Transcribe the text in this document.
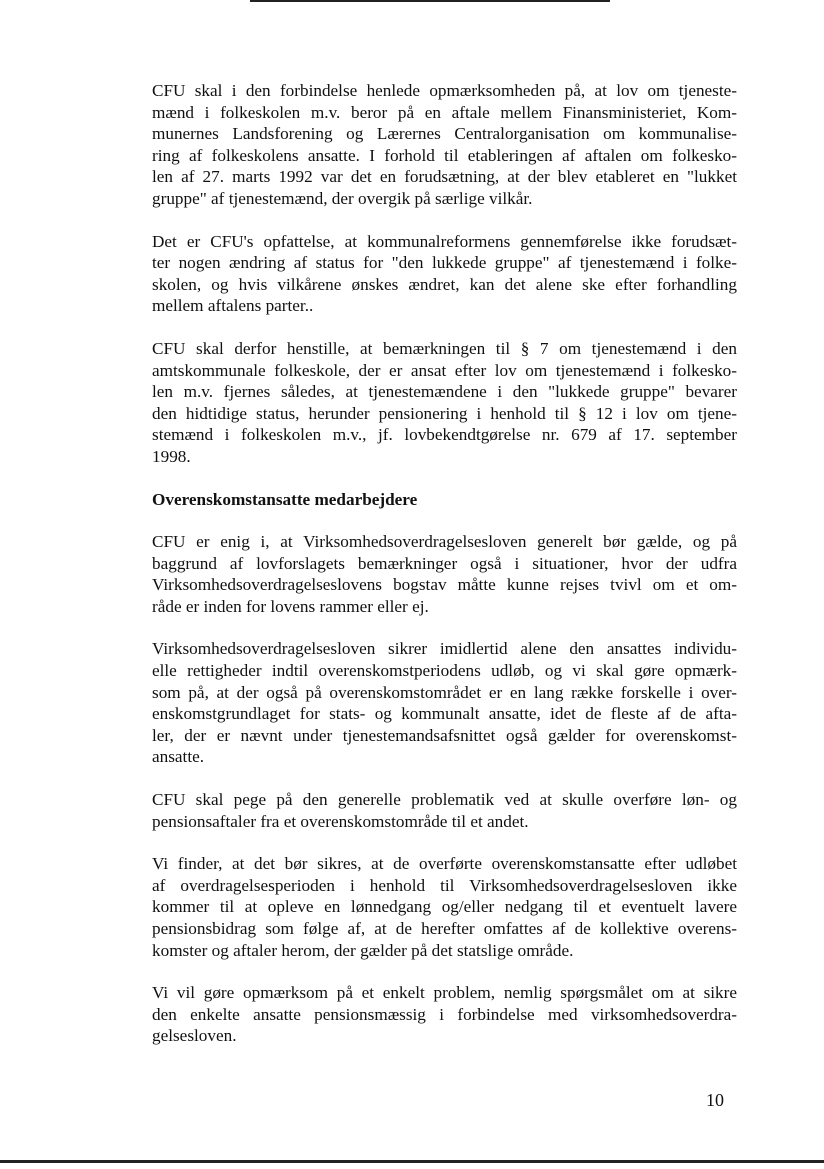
CFU skal i den forbindelse henlede opmærksomheden på, at lov om tjeneste-
mænd i folkeskolen m.v. beror på en aftale mellem Finansministeriet, Kom-
munernes Landsforening og Lærernes Centralorganisation om kommunalise-
ring af folkeskolens ansatte. I forhold til etableringen af aftalen om folkesko-
len af 27. marts 1992 var det en forudsætning, at der blev etableret en "lukket
gruppe" af tjenestemænd, der overgik på særlige vilkår.

Det er CFU's opfattelse, at kommunalreformens gennemførelse ikke forudsæt-
ter nogen ændring af status for "den lukkede gruppe" af tjenestemænd i folke-
skolen, og hvis vilkårene ønskes ændret, kan det alene ske efter forhandling
mellem aftalens parter..

CFU skal derfor henstille, at bemærkningen til § 7 om tjenestemænd i den
amtskommunale folkeskole, der er ansat efter lov om tjenestemænd i folkesko-
len m.v. fjernes således, at tjenestemændene i den "lukkede gruppe" bevarer
den hidtidige status, herunder pensionering i henhold til § 12 i lov om tjene-
stemænd i folkeskolen m.v., jf. lovbekendtgørelse nr. 679 af 17. september
1998.

Overenskomstansatte medarbejdere

CFU er enig i, at Virksomhedsoverdragelsesloven generelt bør gælde, og på
baggrund af lovforslagets bemærkninger også i situationer, hvor der udfra
Virksomhedsoverdragelseslovens bogstav måtte kunne rejses tvivl om et om-
råde er inden for lovens rammer eller ej.

Virksomhedsoverdragelsesloven sikrer imidlertid alene den ansattes individu-
elle rettigheder indtil overenskomstperiodens udløb, og vi skal gøre opmærk-
som på, at der også på overenskomstområdet er en lang række forskelle i over-
enskomstgrundlaget for stats- og kommunalt ansatte, idet de fleste af de afta-
ler, der er nævnt under tjenestemandsafsnittet også gælder for overenskomst-
ansatte.

CFU skal pege på den generelle problematik ved at skulle overføre løn- og
pensionsaftaler fra et overenskomstområde til et andet.

Vi finder, at det bør sikres, at de overførte overenskomstansatte efter udløbet
af overdragelsesperioden i henhold til Virksomhedsoverdragelsesloven ikke
kommer til at opleve en lønnedgang og/eller nedgang til et eventuelt lavere
pensionsbidrag som følge af, at de herefter omfattes af de kollektive overens-
komster og aftaler herom, der gælder på det statslige område.

Vi vil gøre opmærksom på et enkelt problem, nemlig spørgsmålet om at sikre
den enkelte ansatte pensionsmæssig i forbindelse med virksomhedsoverdra-
gelsesloven.

10
